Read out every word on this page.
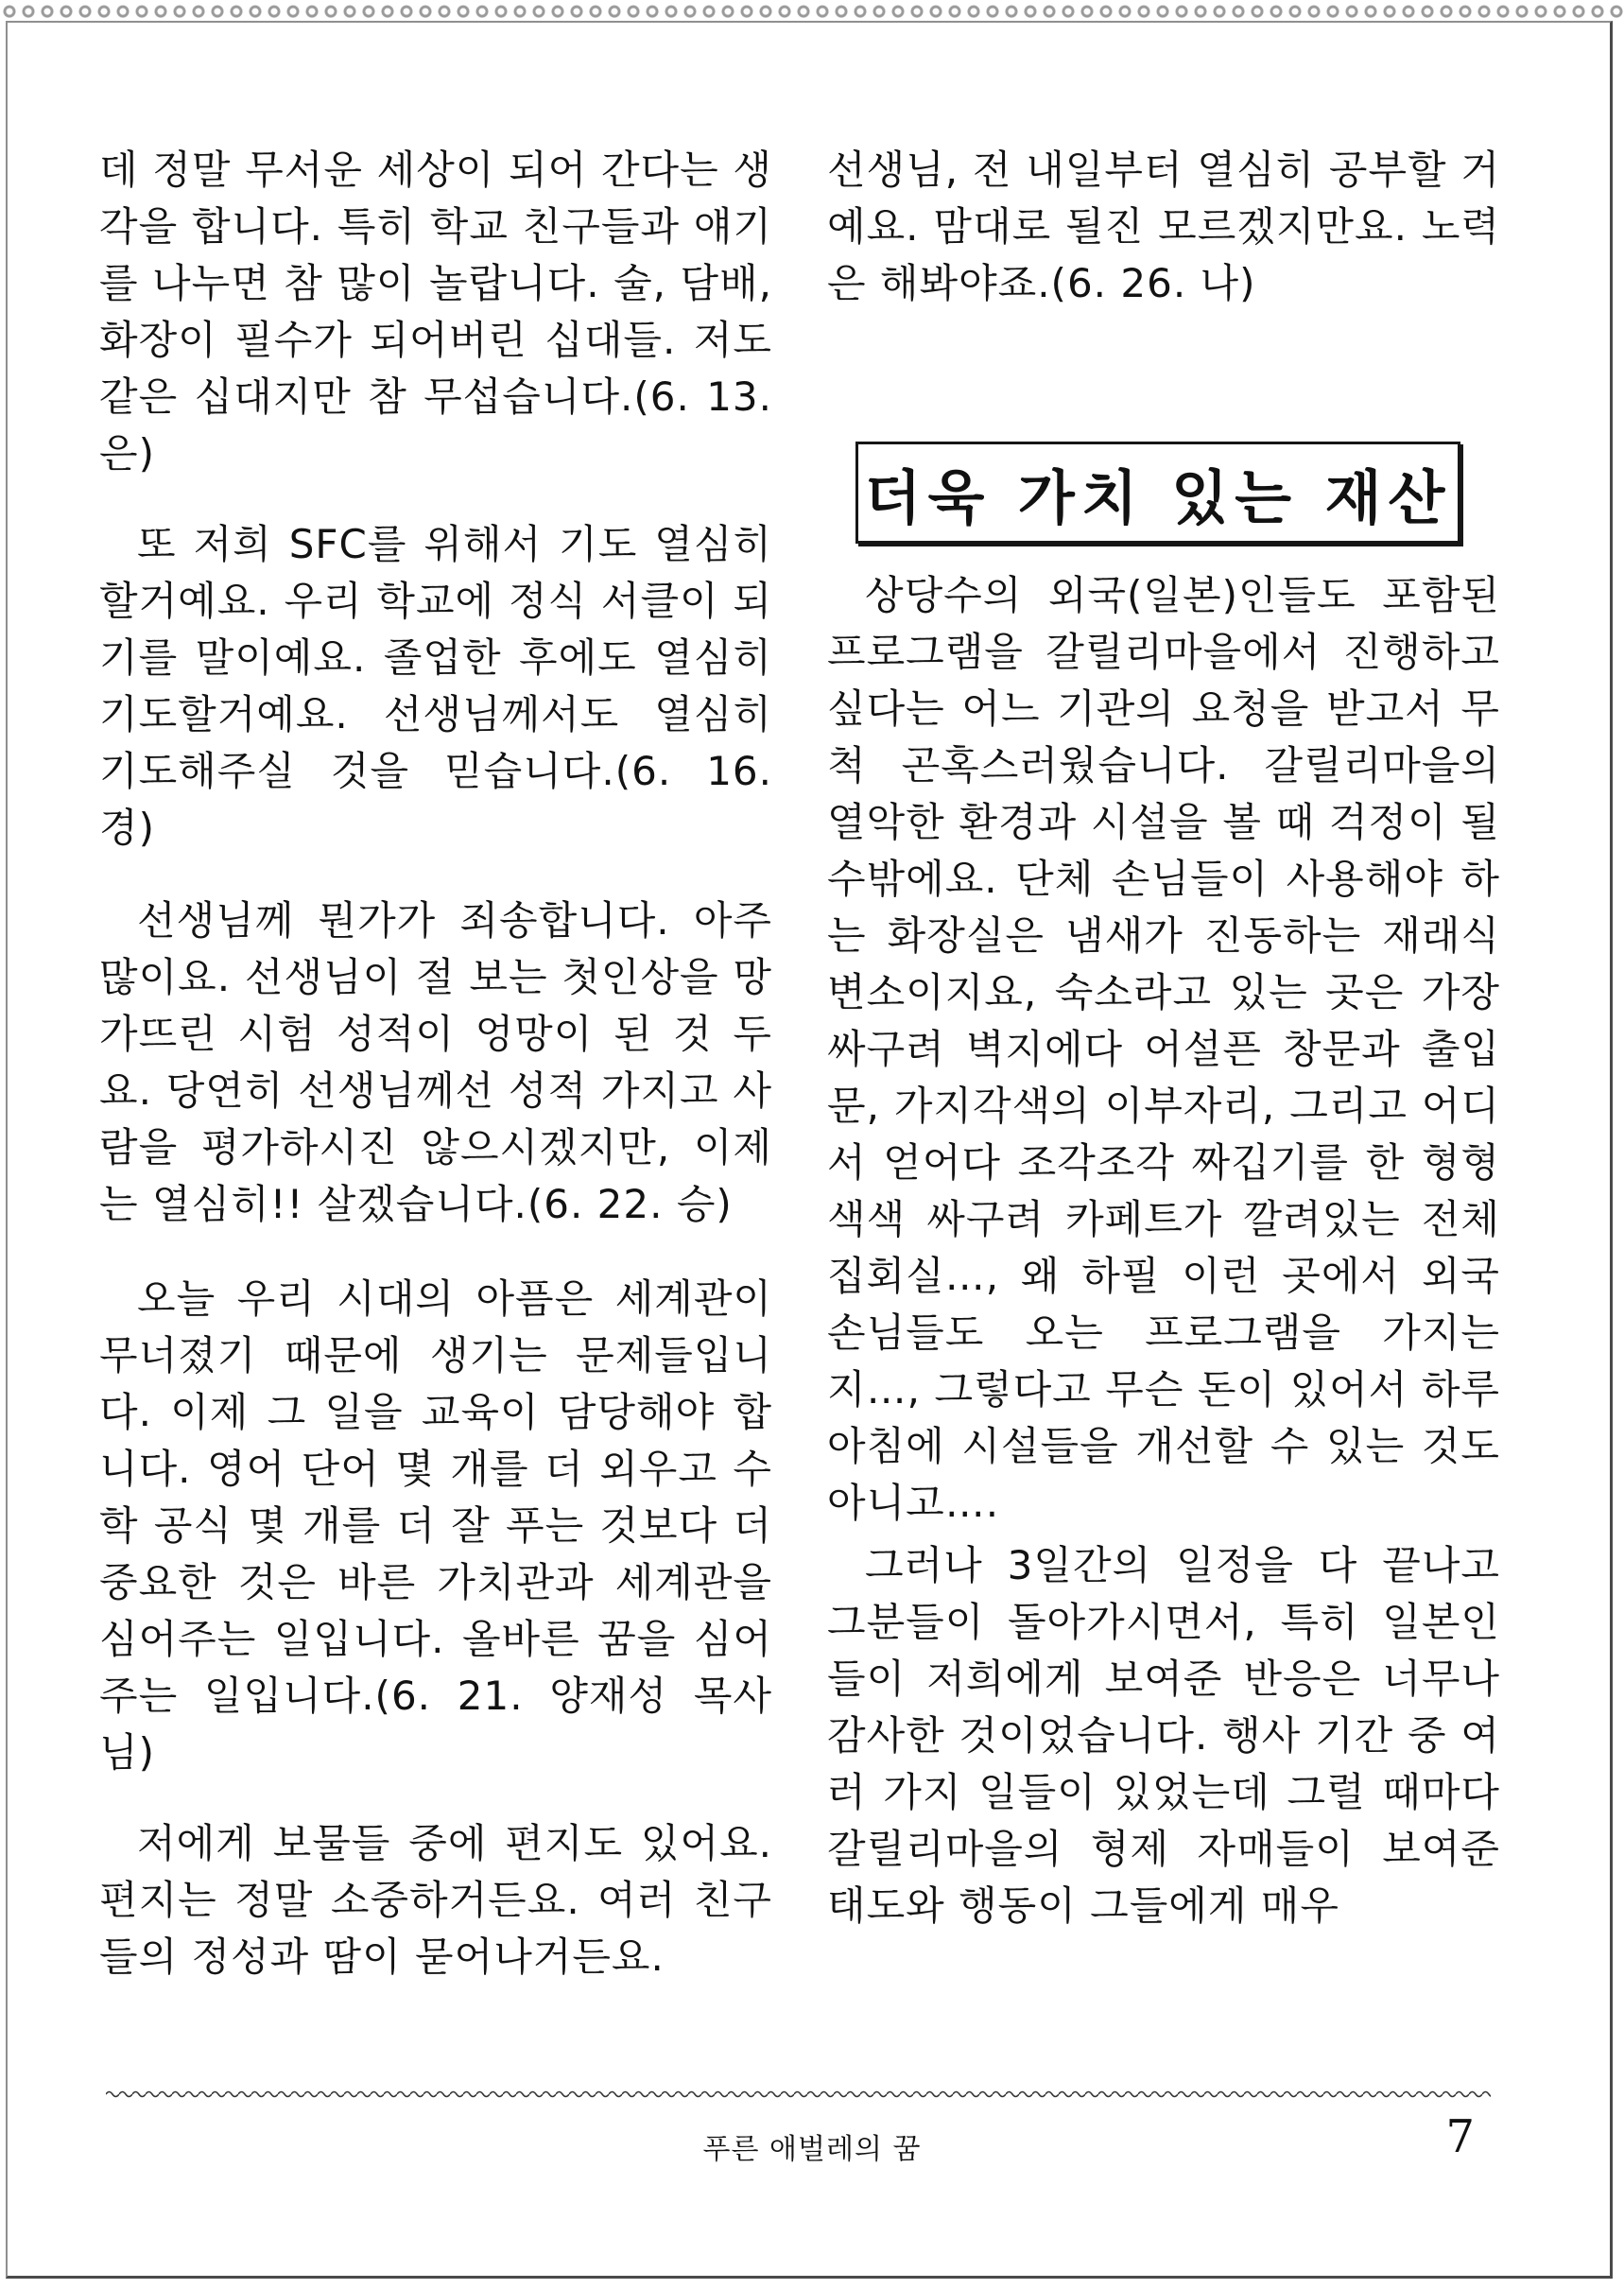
데 정말 무서운 세상이 되어 간다는 생각을 합니다. 특히 학교 친구들과 얘기를 나누면 참 많이 놀랍니다. 술, 담배, 화장이 필수가 되어버린 십대들. 저도 같은 십대지만 참 무섭습니다.(6. 13. 은)

또 저희 SFC를 위해서 기도 열심히 할거예요. 우리 학교에 정식 서클이 되기를 말이예요. 졸업한 후에도 열심히 기도할거예요. 선생님께서도 열심히 기도해주실 것을 믿습니다.(6. 16. 경)

선생님께 뭔가가 죄송합니다. 아주 많이요. 선생님이 절 보는 첫인상을 망가뜨린 시험 성적이 엉망이 된 것 두요. 당연히 선생님께선 성적 가지고 사람을 평가하시진 않으시겠지만, 이제는 열심히!! 살겠습니다.(6. 22. 승)

오늘 우리 시대의 아픔은 세계관이 무너졌기 때문에 생기는 문제들입니다. 이제 그 일을 교육이 담당해야 합니다. 영어 단어 몇 개를 더 외우고 수학 공식 몇 개를 더 잘 푸는 것보다 더 중요한 것은 바른 가치관과 세계관을 심어주는 일입니다. 올바른 꿈을 심어주는 일입니다.(6. 21. 양재성 목사님)

저에게 보물들 중에 편지도 있어요. 편지는 정말 소중하거든요. 여러 친구들의 정성과 땀이 묻어나거든요.

선생님, 전 내일부터 열심히 공부할 거예요. 맘대로 될진 모르겠지만요. 노력은 해봐야죠.(6. 26. 나)

더욱 가치 있는 재산

상당수의 외국(일본)인들도 포함된 프로그램을 갈릴리마을에서 진행하고 싶다는 어느 기관의 요청을 받고서 무척 곤혹스러웠습니다. 갈릴리마을의 열악한 환경과 시설을 볼 때 걱정이 될 수밖에요. 단체 손님들이 사용해야 하는 화장실은 냄새가 진동하는 재래식 변소이지요, 숙소라고 있는 곳은 가장 싸구려 벽지에다 어설픈 창문과 출입문, 가지각색의 이부자리, 그리고 어디서 얻어다 조각조각 짜깁기를 한 형형색색 싸구려 카페트가 깔려있는 전체 집회실…, 왜 하필 이런 곳에서 외국 손님들도 오는 프로그램을 가지는지…, 그렇다고 무슨 돈이 있어서 하루아침에 시설들을 개선할 수 있는 것도 아니고….

그러나 3일간의 일정을 다 끝나고 그분들이 돌아가시면서, 특히 일본인들이 저희에게 보여준 반응은 너무나 감사한 것이었습니다. 행사 기간 중 여러 가지 일들이 있었는데 그럴 때마다 갈릴리마을의 형제 자매들이 보여준 태도와 행동이 그들에게 매우

푸른 애벌레의 꿈	7
